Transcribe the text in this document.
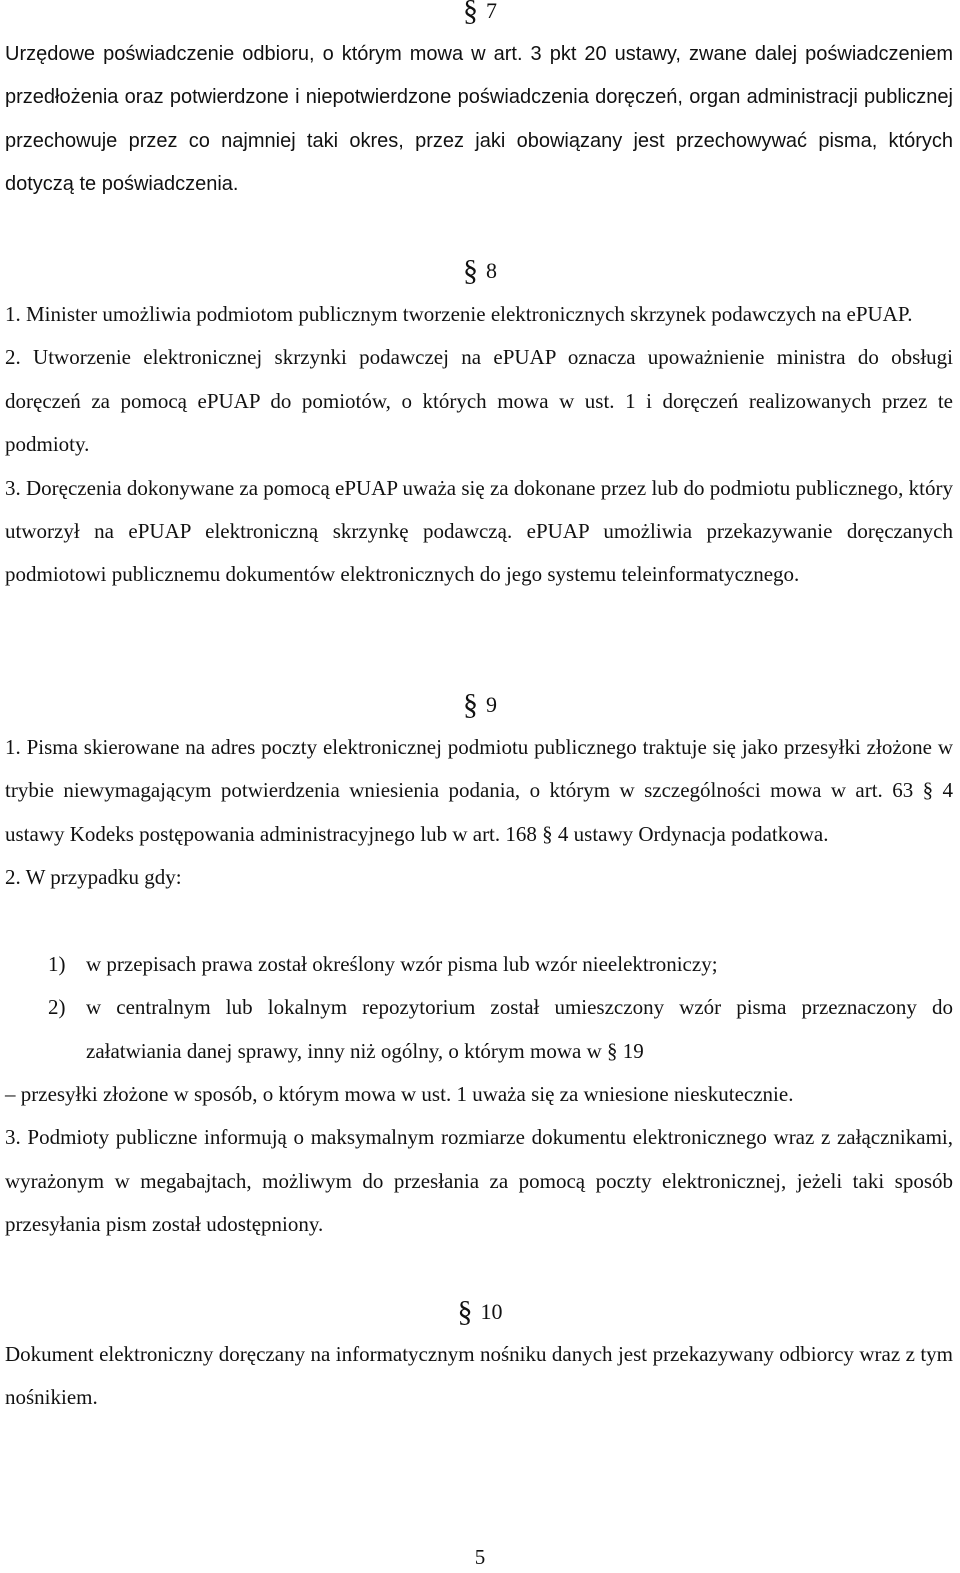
§ 7
Urzędowe poświadczenie odbioru, o którym mowa w art. 3 pkt 20 ustawy, zwane dalej poświadczeniem przedłożenia oraz potwierdzone i niepotwierdzone poświadczenia doręczeń, organ administracji publicznej przechowuje przez co najmniej taki okres, przez jaki obowiązany jest przechowywać pisma, których dotyczą te poświadczenia.
§ 8

1. Minister umożliwia podmiotom publicznym tworzenie elektronicznych skrzynek podawczych na ePUAP.

2. Utworzenie elektronicznej skrzynki podawczej na ePUAP oznacza upoważnienie ministra do obsługi doręczeń za pomocą ePUAP do pomiotów, o których mowa w ust. 1 i doręczeń realizowanych przez te podmioty.

3. Doręczenia dokonywane za pomocą ePUAP uważa się za dokonane przez lub do podmiotu publicznego, który utworzył na ePUAP elektroniczną skrzynkę podawczą. ePUAP umożliwia przekazywanie doręczanych podmiotowi publicznemu dokumentów elektronicznych do jego systemu teleinformatycznego.

§ 9

1. Pisma skierowane na adres poczty elektronicznej podmiotu publicznego traktuje się jako przesyłki złożone w trybie niewymagającym potwierdzenia wniesienia podania, o którym w szczególności mowa w art. 63 § 4 ustawy Kodeks postępowania administracyjnego lub w art. 168 § 4 ustawy Ordynacja podatkowa.

2. W przypadku gdy:

1) w przepisach prawa został określony wzór pisma lub wzór nieelektroniczy;
2) w centralnym lub lokalnym repozytorium został umieszczony wzór pisma przeznaczony do załatwiania danej sprawy, inny niż ogólny, o którym mowa w § 19

– przesyłki złożone w sposób, o którym mowa w ust. 1 uważa się za wniesione nieskutecznie.

3. Podmioty publiczne informują o maksymalnym rozmiarze dokumentu elektronicznego wraz z załącznikami, wyrażonym w megabajtach, możliwym do przesłania za pomocą poczty elektronicznej, jeżeli taki sposób przesyłania pism został udostępniony.

§ 10

Dokument elektroniczny doręczany na informatycznym nośniku danych jest przekazywany odbiorcy wraz z tym nośnikiem.

5
